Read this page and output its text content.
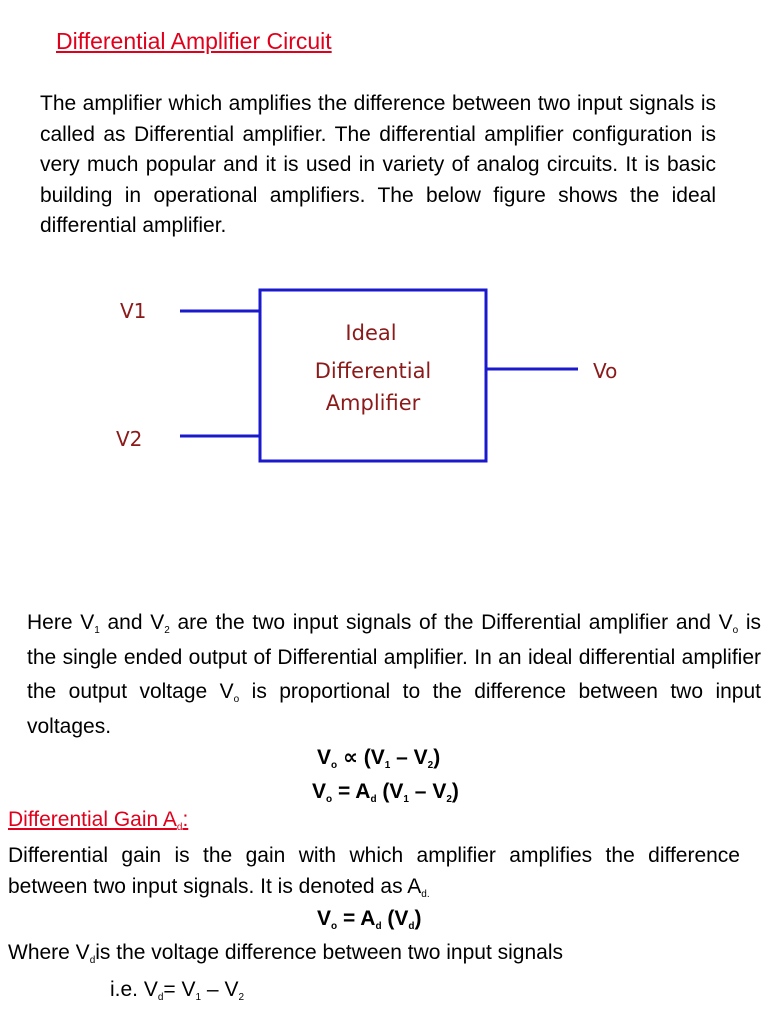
Differential Amplifier Circuit
The amplifier which amplifies the difference between two input signals is called as Differential amplifier. The differential amplifier configuration is very much popular and it is used in variety of analog circuits. It is basic building in operational amplifiers. The below figure shows the ideal differential amplifier.
V1
V2
Vo
Ideal
Differential
Amplifier
Here $V_1$ and $V_2$ are the two input signals of the Differential amplifier and $V_o$ is the single ended output of Differential amplifier. In an ideal differential amplifier the output voltage $V_o$ is proportional to the difference between two input voltages.
$V_o \propto (V_1 - V_2)$
$V_o = A_d$ $(V_1 - V_2)$
Differential Gain $A_d$:
Differential gain is the gain with which amplifier amplifies the difference between two input signals. It is denoted as $A_{d.}$
$V_o = A_d$ $(V_d)$
Where $V_dis$ the voltage difference between two input signals
i.e. $V_d= V_1 - V_2$
